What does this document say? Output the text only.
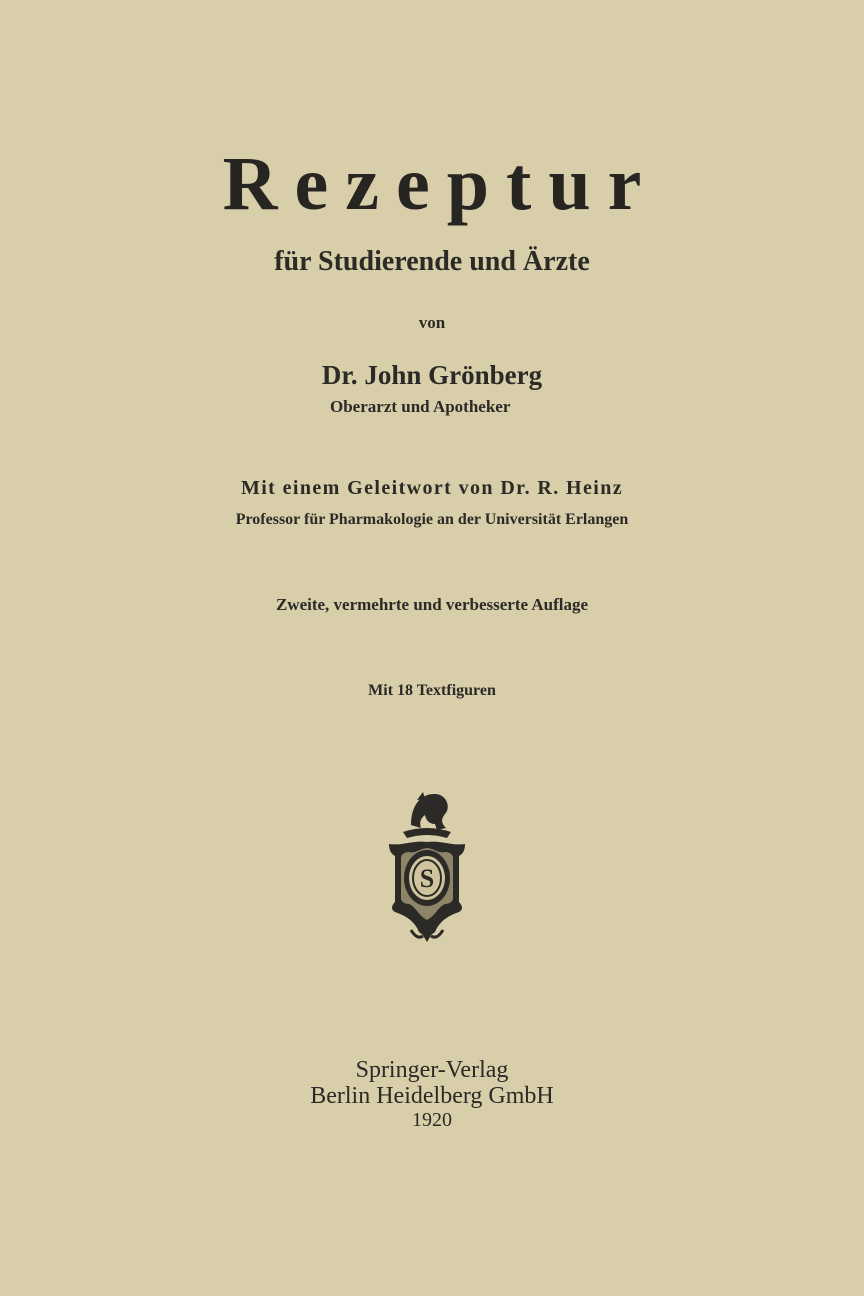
Rezeptur
für Studierende und Ärzte
von
Dr. John Grönberg
Oberarzt und Apotheker
Mit einem Geleitwort von Dr. R. Heinz
Professor für Pharmakologie an der Universität Erlangen
Zweite, vermehrte und verbesserte Auflage
Mit 18 Textfiguren
S
Springer-Verlag
Berlin Heidelberg GmbH
1920
